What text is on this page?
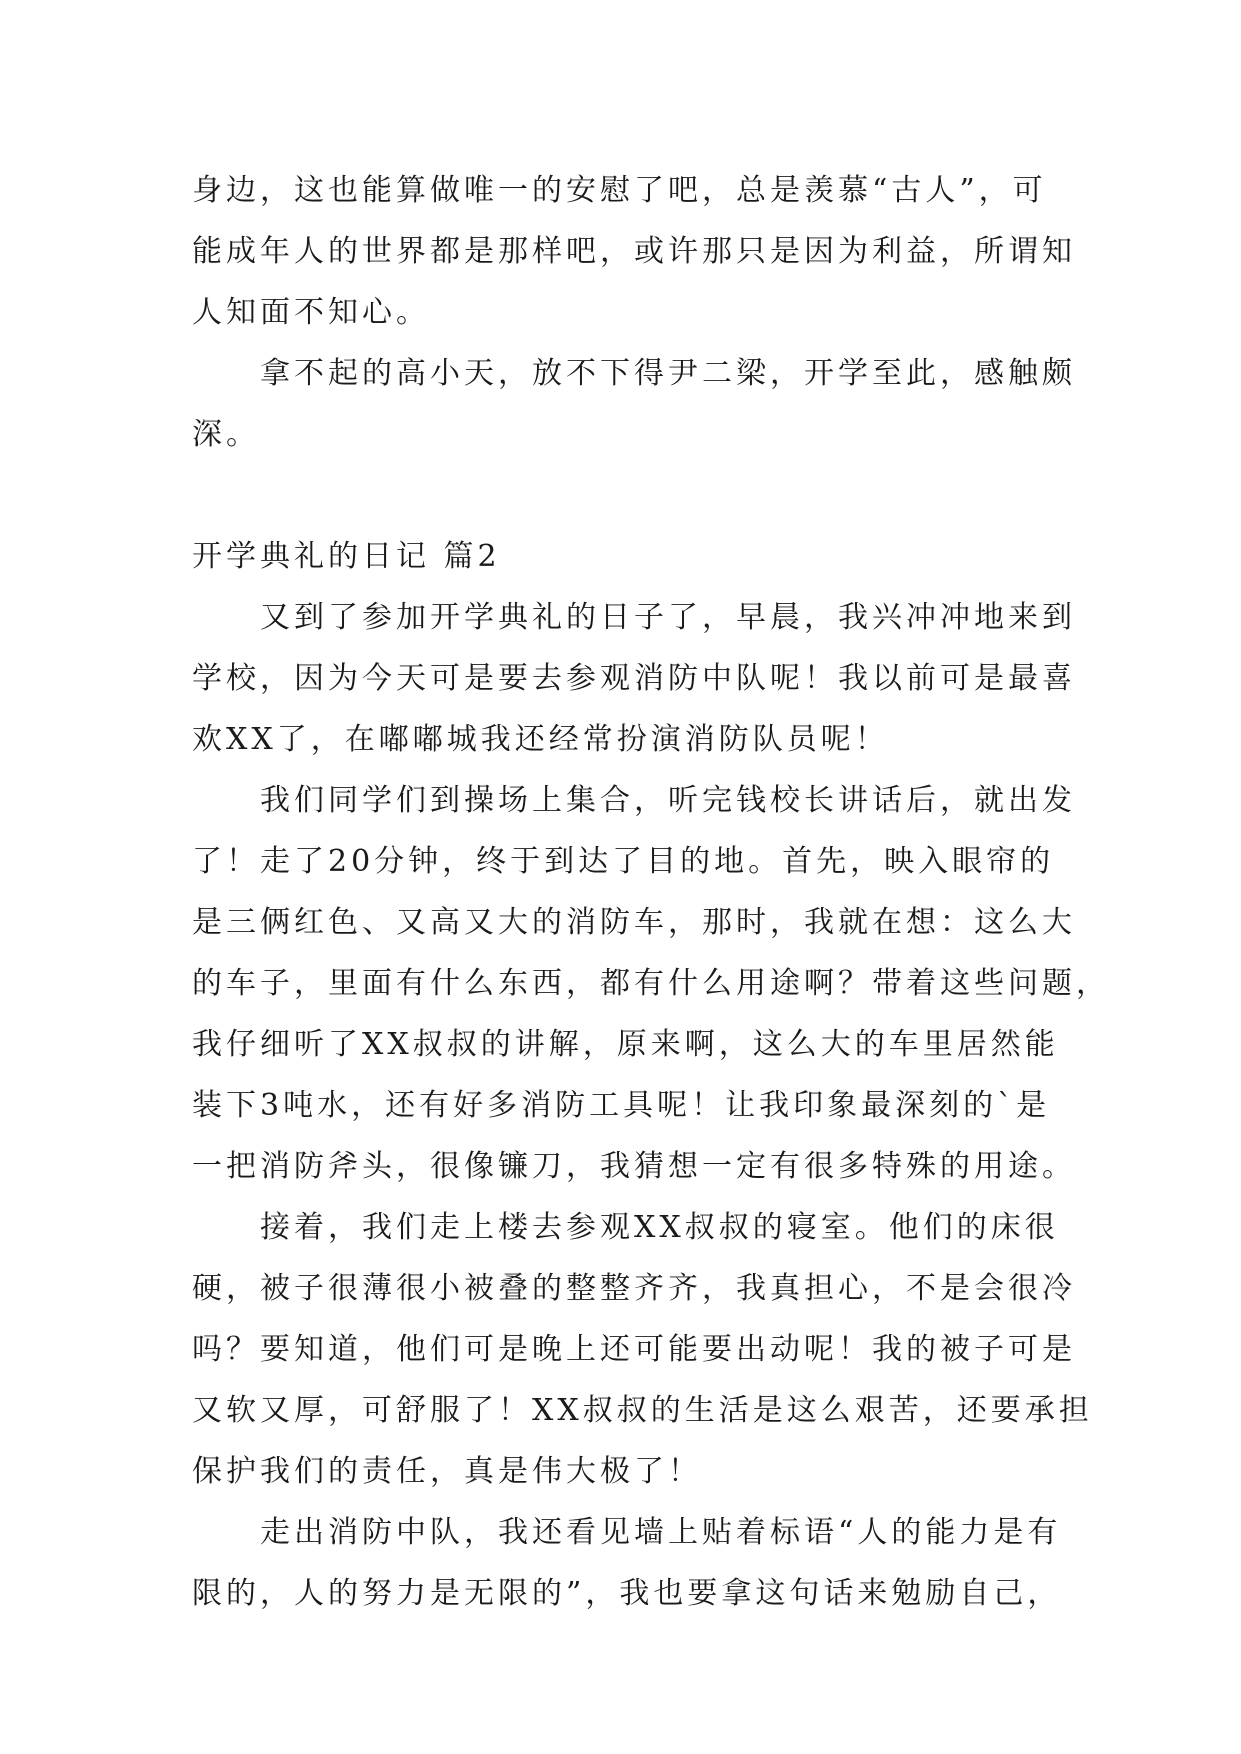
身边，这也能算做唯一的安慰了吧，总是羡慕“古人”，可
能成年人的世界都是那样吧，或许那只是因为利益，所谓知
人知面不知心。
拿不起的高小天，放不下得尹二梁，开学至此，感触颇
深。
开学典礼的日记 篇2
又到了参加开学典礼的日子了，早晨，我兴冲冲地来到
学校，因为今天可是要去参观消防中队呢！我以前可是最喜
欢XX了，在嘟嘟城我还经常扮演消防队员呢！
我们同学们到操场上集合，听完钱校长讲话后，就出发
了！走了20分钟，终于到达了目的地。首先，映入眼帘的
是三俩红色、又高又大的消防车，那时，我就在想：这么大
的车子，里面有什么东西，都有什么用途啊？带着这些问题，
我仔细听了XX叔叔的讲解，原来啊，这么大的车里居然能
装下3吨水，还有好多消防工具呢！让我印象最深刻的`是
一把消防斧头，很像镰刀，我猜想一定有很多特殊的用途。
接着，我们走上楼去参观XX叔叔的寝室。他们的床很
硬，被子很薄很小被叠的整整齐齐，我真担心，不是会很冷
吗？要知道，他们可是晚上还可能要出动呢！我的被子可是
又软又厚，可舒服了！XX叔叔的生活是这么艰苦，还要承担
保护我们的责任，真是伟大极了！
走出消防中队，我还看见墙上贴着标语“人的能力是有
限的，人的努力是无限的”，我也要拿这句话来勉励自己，
